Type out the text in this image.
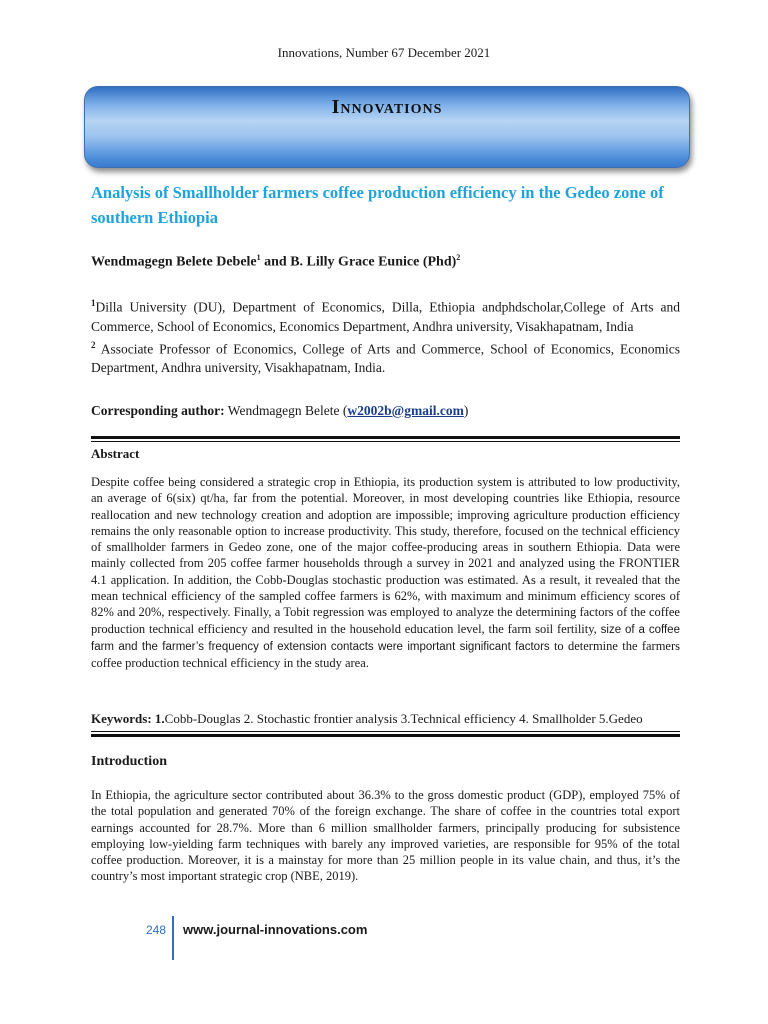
Innovations, Number 67 December 2021
Innovations
Analysis of Smallholder farmers coffee production efficiency in the Gedeo zone of southern Ethiopia
Wendmagegn Belete Debele$^1$ and B. Lilly Grace Eunice (Phd)$^2$
$^1$Dilla University (DU), Department of Economics, Dilla, Ethiopia andphdscholar,College of Arts and Commerce, School of Economics, Economics Department, Andhra university, Visakhapatnam, India
$^2$ Associate Professor of Economics, College of Arts and Commerce, School of Economics, Economics Department, Andhra university, Visakhapatnam, India.
Corresponding author: Wendmagegn Belete (w2002b@gmail.com)
Abstract
Despite coffee being considered a strategic crop in Ethiopia, its production system is attributed to low productivity, an average of 6(six) qt/ha, far from the potential. Moreover, in most developing countries like Ethiopia, resource reallocation and new technology creation and adoption are impossible; improving agriculture production efficiency remains the only reasonable option to increase productivity. This study, therefore, focused on the technical efficiency of smallholder farmers in Gedeo zone, one of the major coffee-producing areas in southern Ethiopia. Data were mainly collected from 205 coffee farmer households through a survey in 2021 and analyzed using the FRONTIER 4.1 application. In addition, the Cobb-Douglas stochastic production was estimated. As a result, it revealed that the mean technical efficiency of the sampled coffee farmers is 62%, with maximum and minimum efficiency scores of 82% and 20%, respectively. Finally, a Tobit regression was employed to analyze the determining factors of the coffee production technical efficiency and resulted in the household education level, the farm soil fertility, size of a coffee farm and the farmer’s frequency of extension contacts were important significant factors to determine the farmers coffee production technical efficiency in the study area.
Keywords: 1.Cobb-Douglas 2. Stochastic frontier analysis 3.Technical efficiency 4. Smallholder 5.Gedeo
Introduction
In Ethiopia, the agriculture sector contributed about 36.3% to the gross domestic product (GDP), employed 75% of the total population and generated 70% of the foreign exchange. The share of coffee in the countries total export earnings accounted for 28.7%. More than 6 million smallholder farmers, principally producing for subsistence employing low-yielding farm techniques with barely any improved varieties, are responsible for 95% of the total coffee production. Moreover, it is a mainstay for more than 25 million people in its value chain, and thus, it’s the country’s most important strategic crop (NBE, 2019).
248 www.journal-innovations.com
